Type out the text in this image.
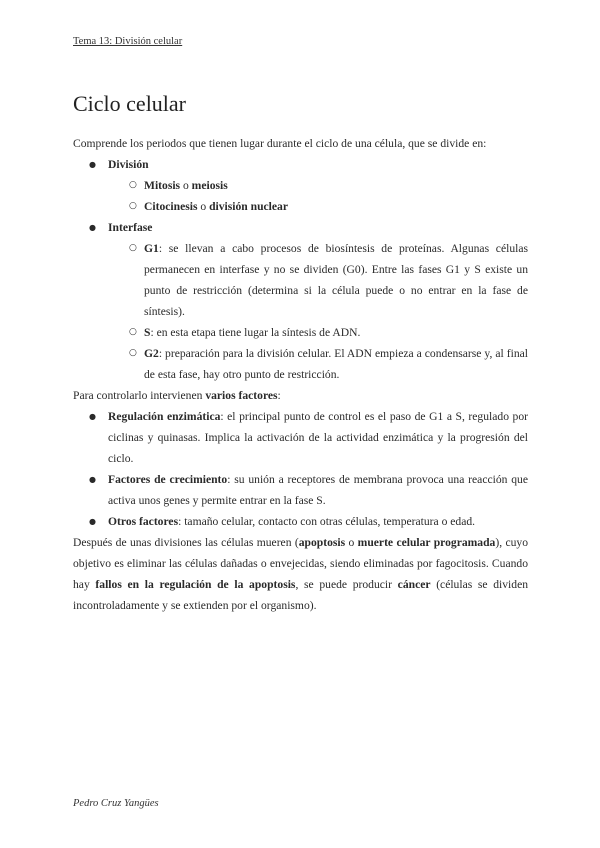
Tema 13: División celular
Ciclo celular

Comprende los periodos que tienen lugar durante el ciclo de una célula, que se divide en:

● División
○ Mitosis o meiosis
○ Citocinesis o división nuclear
● Interfase
○ G1: se llevan a cabo procesos de biosíntesis de proteínas. Algunas células permanecen en interfase y no se dividen (G0). Entre las fases G1 y S existe un punto de restricción (determina si la célula puede o no entrar en la fase de síntesis).
○ S: en esta etapa tiene lugar la síntesis de ADN.
○ G2: preparación para la división celular. El ADN empieza a condensarse y, al final de esta fase, hay otro punto de restricción.

Para controlarlo intervienen varios factores:

● Regulación enzimática: el principal punto de control es el paso de G1 a S, regulado por ciclinas y quinasas. Implica la activación de la actividad enzimática y la progresión del ciclo.
● Factores de crecimiento: su unión a receptores de membrana provoca una reacción que activa unos genes y permite entrar en la fase S.
● Otros factores: tamaño celular, contacto con otras células, temperatura o edad.

Después de unas divisiones las células mueren (apoptosis o muerte celular programada), cuyo objetivo es eliminar las células dañadas o envejecidas, siendo eliminadas por fagocitosis. Cuando hay fallos en la regulación de la apoptosis, se puede producir cáncer (células se dividen incontroladamente y se extienden por el organismo).

Pedro Cruz Yangües
